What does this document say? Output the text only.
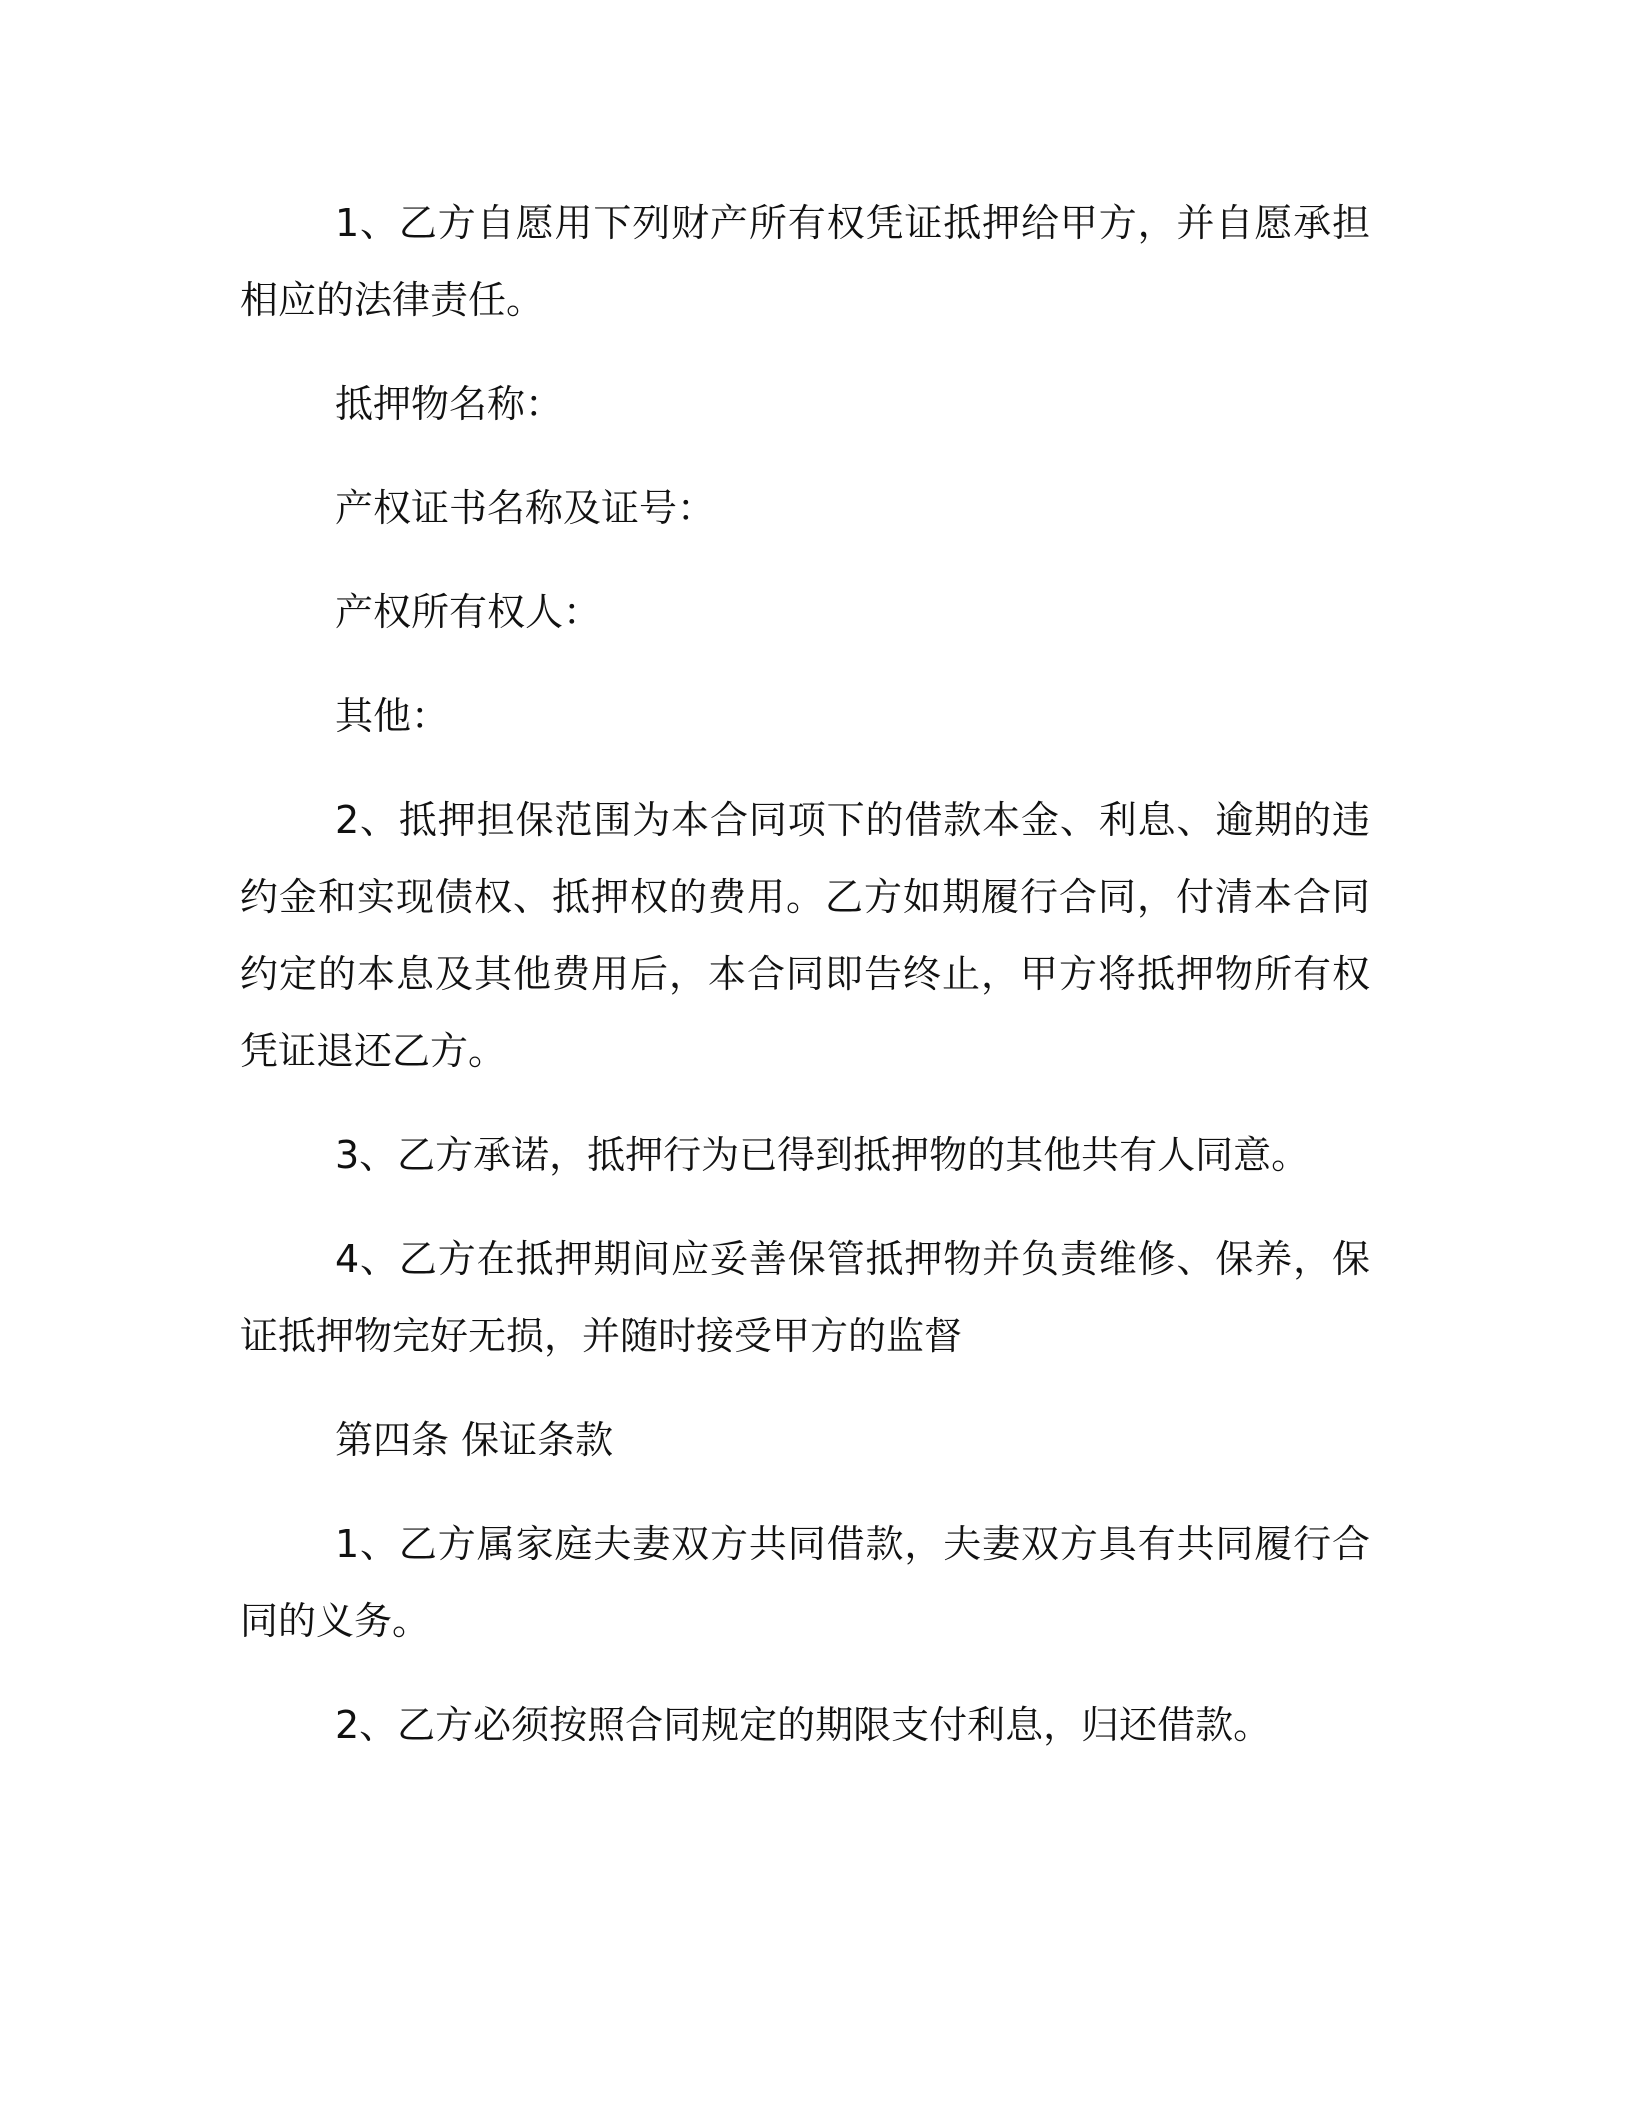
1、乙方自愿用下列财产所有权凭证抵押给甲方，并自愿承担相应的法律责任。

抵押物名称：

产权证书名称及证号：

产权所有权人：

其他：

2、抵押担保范围为本合同项下的借款本金、利息、逾期的违约金和实现债权、抵押权的费用。乙方如期履行合同，付清本合同约定的本息及其他费用后，本合同即告终止，甲方将抵押物所有权凭证退还乙方。

3、乙方承诺，抵押行为已得到抵押物的其他共有人同意。

4、乙方在抵押期间应妥善保管抵押物并负责维修、保养，保证抵押物完好无损，并随时接受甲方的监督

第四条 保证条款

1、乙方属家庭夫妻双方共同借款，夫妻双方具有共同履行合同的义务。

2、乙方必须按照合同规定的期限支付利息，归还借款。
